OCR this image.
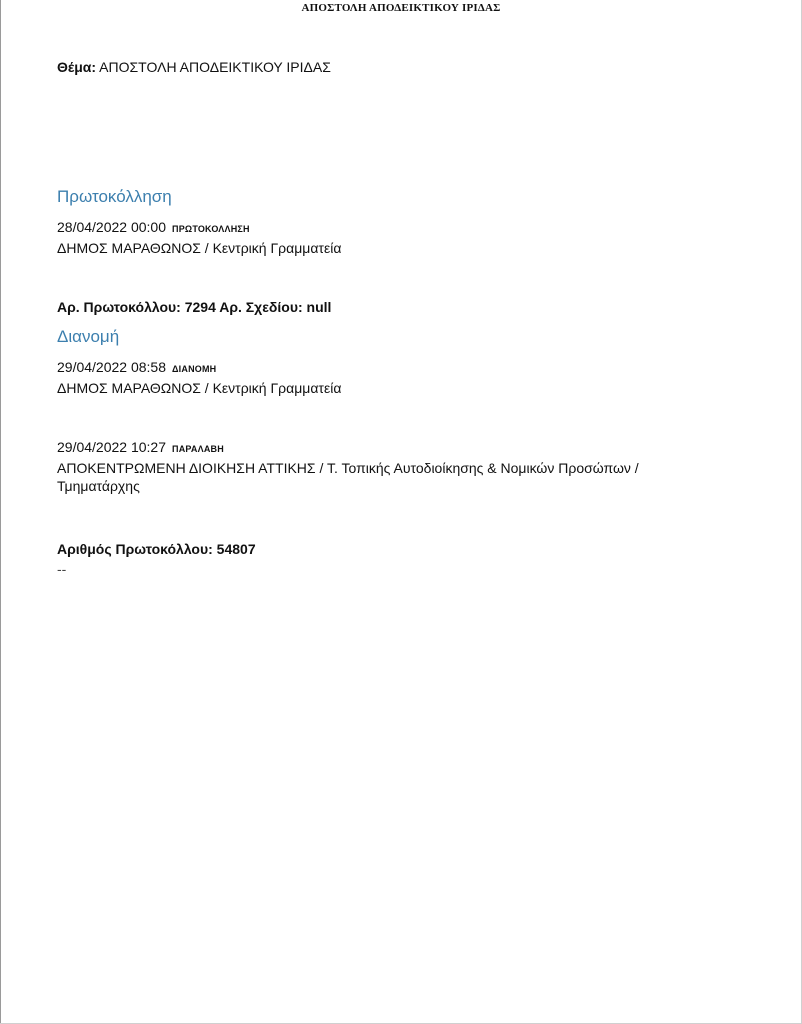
ΑΠΟΣΤΟΛΗ ΑΠΟΔΕΙΚΤΙΚΟΥ ΙΡΙΔΑΣ
Θέμα: ΑΠΟΣΤΟΛΗ ΑΠΟΔΕΙΚΤΙΚΟΥ ΙΡΙΔΑΣ
Πρωτοκόλληση
28/04/2022 00:00 ΠΡΩΤΟΚΟΛΛΗΣΗ
ΔΗΜΟΣ ΜΑΡΑΘΩΝΟΣ / Κεντρική Γραμματεία
Αρ. Πρωτοκόλλου: 7294 Αρ. Σχεδίου: null
Διανομή
29/04/2022 08:58 ΔΙΑΝΟΜΗ
ΔΗΜΟΣ ΜΑΡΑΘΩΝΟΣ / Κεντρική Γραμματεία
29/04/2022 10:27 ΠΑΡΑΛΑΒΗ
ΑΠΟΚΕΝΤΡΩΜΕΝΗ ΔΙΟΙΚΗΣΗ ΑΤΤΙΚΗΣ / Τ. Τοπικής Αυτοδιοίκησης & Νομικών Προσώπων / Τμηματάρχης
Αριθμός Πρωτοκόλλου: 54807
--
